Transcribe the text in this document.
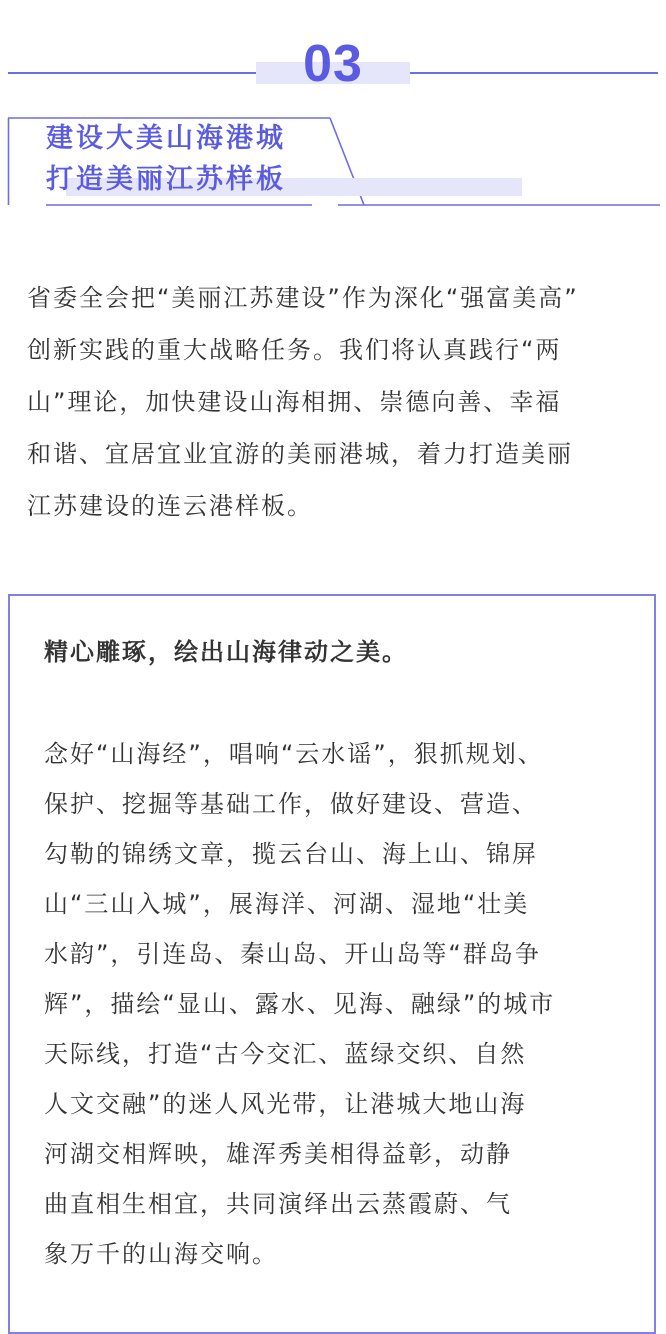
03
建设大美山海港城
打造美丽江苏样板
省委全会把“美丽江苏建设”作为深化“强富美高”
创新实践的重大战略任务。我们将认真践行“两
山”理论，加快建设山海相拥、崇德向善、幸福
和谐、宜居宜业宜游的美丽港城，着力打造美丽
江苏建设的连云港样板。
精心雕琢，绘出山海律动之美。
念好“山海经”，唱响“云水谣”，狠抓规划、
保护、挖掘等基础工作，做好建设、营造、
勾勒的锦绣文章，揽云台山、海上山、锦屏
山“三山入城”，展海洋、河湖、湿地“壮美
水韵”，引连岛、秦山岛、开山岛等“群岛争
辉”，描绘“显山、露水、见海、融绿”的城市
天际线，打造“古今交汇、蓝绿交织、自然
人文交融”的迷人风光带，让港城大地山海
河湖交相辉映，雄浑秀美相得益彰，动静
曲直相生相宜，共同演绎出云蒸霞蔚、气
象万千的山海交响。
